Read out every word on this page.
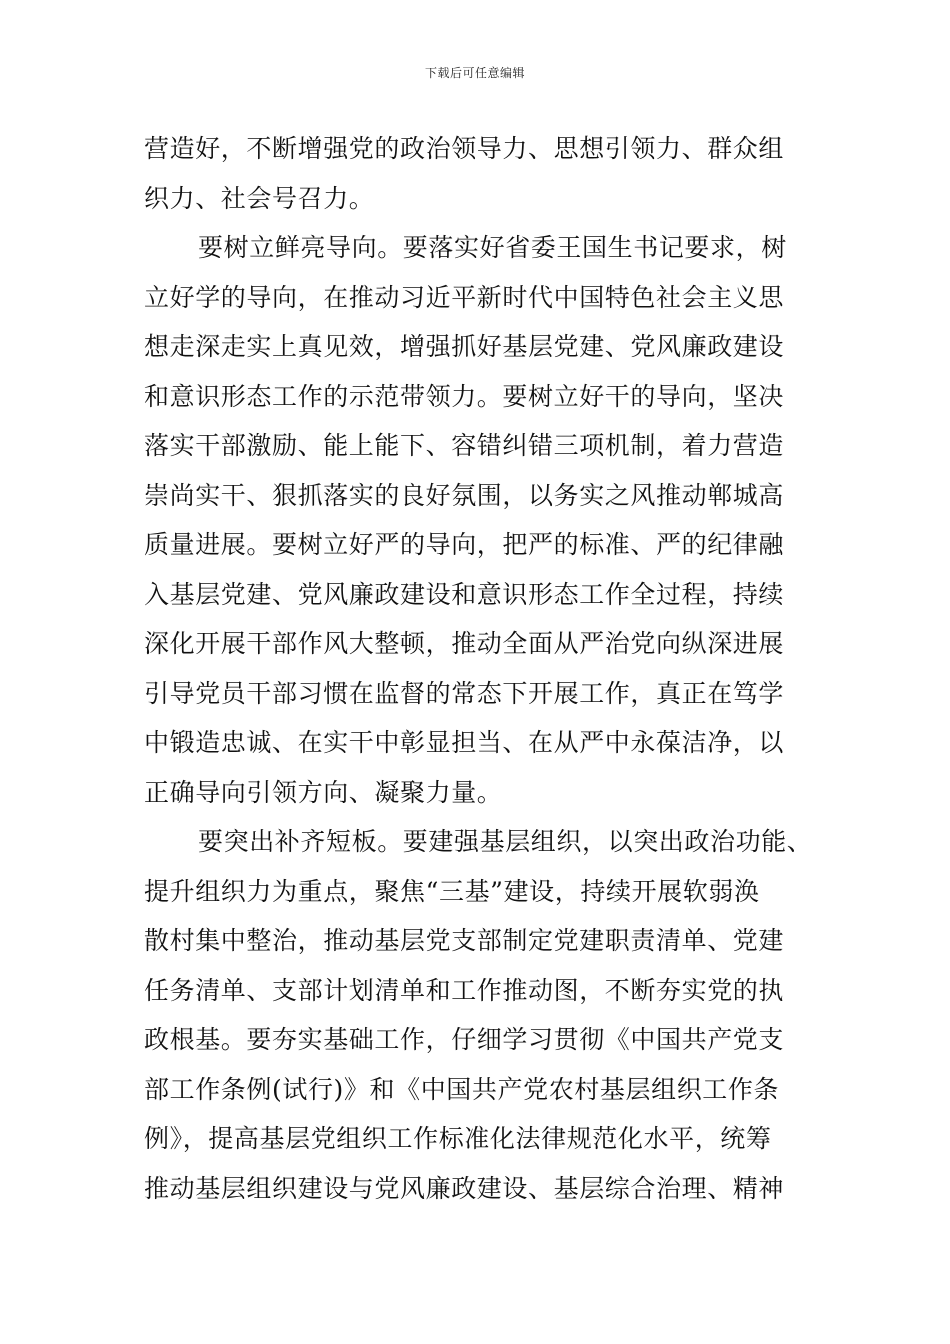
下载后可任意编辑
营造好，不断增强党的政治领导力、思想引领力、群众组
织力、社会号召力。
要树立鲜亮导向。要落实好省委王国生书记要求，树
立好学的导向，在推动习近平新时代中国特色社会主义思
想走深走实上真见效，增强抓好基层党建、党风廉政建设
和意识形态工作的示范带领力。要树立好干的导向，坚决
落实干部激励、能上能下、容错纠错三项机制，着力营造
崇尚实干、狠抓落实的良好氛围，以务实之风推动郸城高
质量进展。要树立好严的导向，把严的标准、严的纪律融
入基层党建、党风廉政建设和意识形态工作全过程，持续
深化开展干部作风大整顿，推动全面从严治党向纵深进展
引导党员干部习惯在监督的常态下开展工作，真正在笃学
中锻造忠诚、在实干中彰显担当、在从严中永葆洁净，以
正确导向引领方向、凝聚力量。
要突出补齐短板。要建强基层组织，以突出政治功能、
提升组织力为重点，聚焦“三基”建设，持续开展软弱涣
散村集中整治，推动基层党支部制定党建职责清单、党建
任务清单、支部计划清单和工作推动图，不断夯实党的执
政根基。要夯实基础工作，仔细学习贯彻《中国共产党支
部工作条例(试行)》和《中国共产党农村基层组织工作条
例》，提高基层党组织工作标准化法律规范化水平，统筹
推动基层组织建设与党风廉政建设、基层综合治理、精神
